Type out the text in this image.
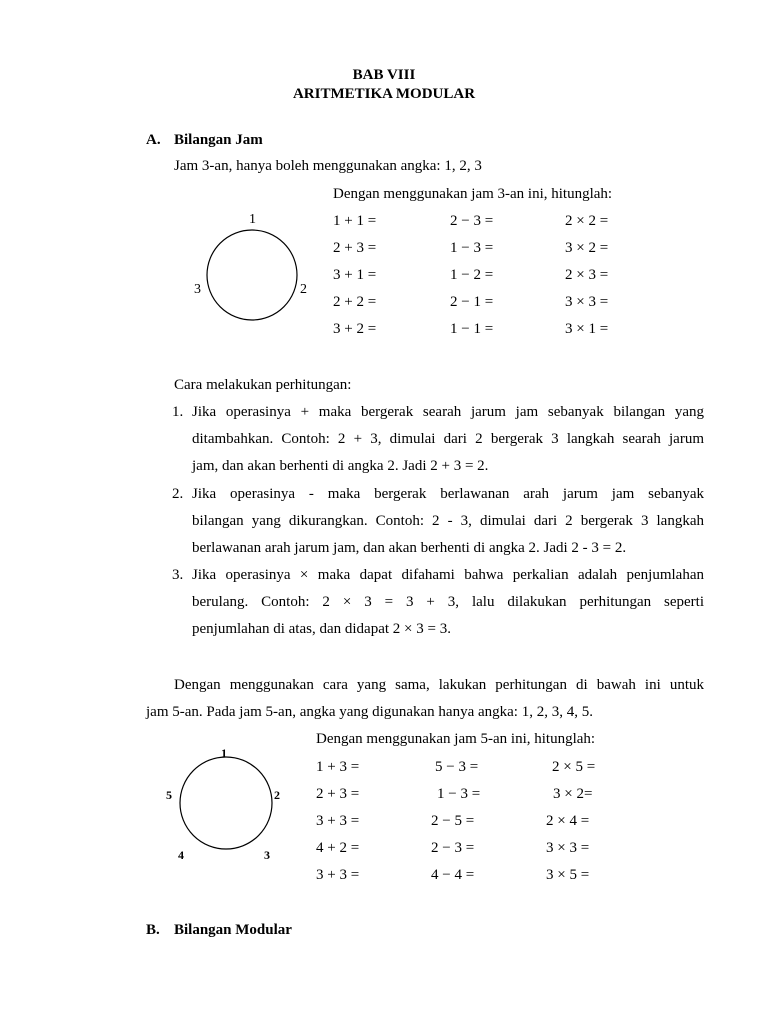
BAB VIII
ARITMETIKA MODULAR
A. Bilangan Jam
Jam 3-an, hanya boleh menggunakan angka: 1, 2, 3
Dengan menggunakan jam 3-an ini, hitunglah:
1
2
3
1 + 1 =	2 − 3 =	2 × 2 =
2 + 3 =	1 − 3 =	3 × 2 =
3 + 1 =	1 − 2 =	2 × 3 =
2 + 2 =	2 − 1 =	3 × 3 =
3 + 2 =	1 − 1 =	3 × 1 =
Cara melakukan perhitungan:
1. Jika operasinya + maka bergerak searah jarum jam sebanyak bilangan yang
ditambahkan. Contoh: 2 + 3, dimulai dari 2 bergerak 3 langkah searah jarum
jam, dan akan berhenti di angka 2. Jadi 2 + 3 = 2.
2. Jika operasinya - maka bergerak berlawanan arah jarum jam sebanyak
bilangan yang dikurangkan. Contoh: 2 - 3, dimulai dari 2 bergerak 3 langkah
berlawanan arah jarum jam, dan akan berhenti di angka 2. Jadi 2 - 3 = 2.
3. Jika operasinya × maka dapat difahami bahwa perkalian adalah penjumlahan
berulang. Contoh: 2 × 3 = 3 + 3, lalu dilakukan perhitungan seperti
penjumlahan di atas, dan didapat 2 × 3 = 3.
Dengan menggunakan cara yang sama, lakukan perhitungan di bawah ini untuk
jam 5-an. Pada jam 5-an, angka yang digunakan hanya angka: 1, 2, 3, 4, 5.
Dengan menggunakan jam 5-an ini, hitunglah:
1
2
3
4
5
1 + 3 =	5 − 3 =	2 × 5 =
2 + 3 =	1 − 3 =	3 × 2=
3 + 3 =	2 − 5 =	2 × 4 =
4 + 2 =	2 − 3 =	3 × 3 =
3 + 3 =	4 − 4 =	3 × 5 =
B. Bilangan Modular
